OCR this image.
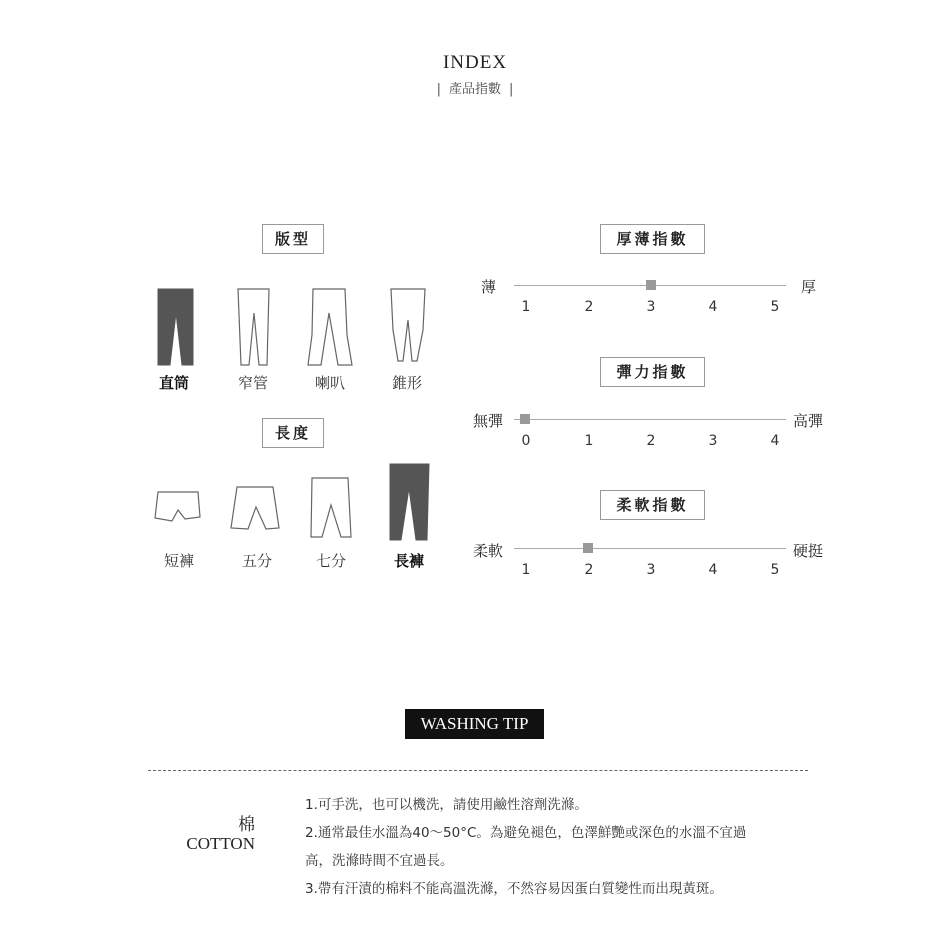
INDEX
| 產品指數 |
版型
直筒	窄管	喇叭	錐形
長度
短褲	五分	七分	長褲
厚薄指數
薄	厚
1	2	3	4	5
彈力指數
無彈	高彈
0	1	2	3	4
柔軟指數
柔軟	硬挺
1	2	3	4	5
WASHING TIP
棉
COTTON
1.可手洗，也可以機洗，請使用鹼性溶劑洗滌。
2.通常最佳水溫為40～50°C。為避免褪色，色澤鮮艷或深色的水溫不宜過
高，洗滌時間不宜過長。
3.帶有汗漬的棉料不能高溫洗滌，不然容易因蛋白質變性而出現黃斑。
